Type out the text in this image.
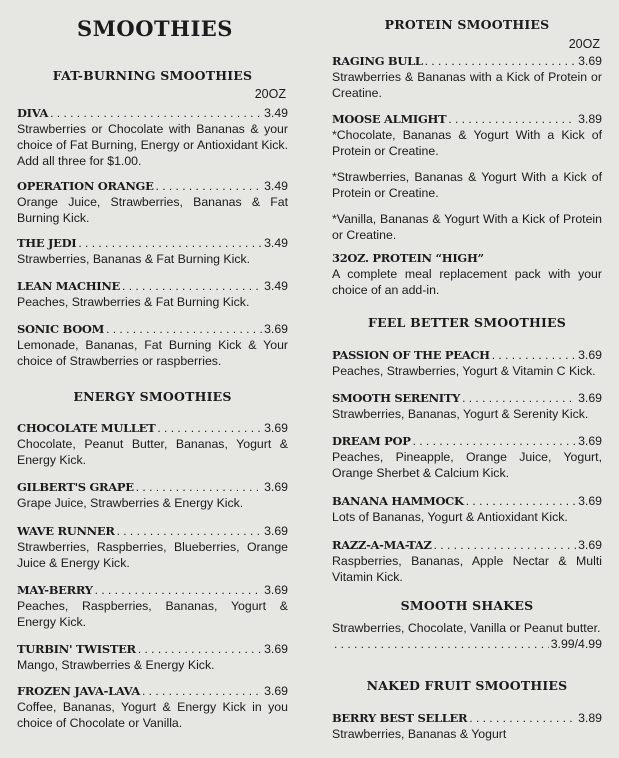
SMOOTHIES
FAT-BURNING SMOOTHIES
20OZ
DIVA . . .	3.49

Strawberries or Chocolate with Bananas & your choice of Fat Burning, Energy or Antioxidant Kick. Add all three for $1.00.

OPERATION ORANGE . . .	3.49

Orange Juice, Strawberries, Bananas & Fat Burning Kick.

THE JEDI . . .	3.49

Strawberries, Bananas & Fat Burning Kick.

LEAN MACHINE . . .	3.49

Peaches, Strawberries & Fat Burning Kick.

SONIC BOOM . . .	3.69

Lemonade, Bananas, Fat Burning Kick & Your choice of Strawberries or raspberries.

ENERGY SMOOTHIES
CHOCOLATE MULLET . . .	3.69

Chocolate, Peanut Butter, Bananas, Yogurt & Energy Kick.

GILBERT'S GRAPE . . .	3.69

Grape Juice, Strawberries & Energy Kick.

WAVE RUNNER . . .	3.69

Strawberries, Raspberries, Blueberries, Orange Juice & Energy Kick.

MAY-BERRY . . .	3.69

Peaches, Raspberries, Bananas, Yogurt & Energy Kick.

TURBIN' TWISTER . . .	3.69

Mango, Strawberries & Energy Kick.

FROZEN JAVA-LAVA . . .	3.69

Coffee, Bananas, Yogurt & Energy Kick in you choice of Chocolate or Vanilla.

PROTEIN SMOOTHIES
20OZ
RAGING BULL . . .	3.69

Strawberries & Bananas with a Kick of Protein or Creatine.

MOOSE ALMIGHT . . .	3.89

*Chocolate, Bananas & Yogurt With a Kick of Protein or Creatine.

*Strawberries, Bananas & Yogurt With a Kick of Protein or Creatine.

*Vanilla, Bananas & Yogurt With a Kick of Protein or Creatine.

32OZ. PROTEIN “HIGH”

A complete meal replacement pack with your choice of an add-in.

FEEL BETTER SMOOTHIES
PASSION OF THE PEACH . . .	3.69

Peaches, Strawberries, Yogurt & Vitamin C Kick.

SMOOTH SERENITY . . .	3.69

Strawberries, Bananas, Yogurt & Serenity Kick.

DREAM POP . . .	3.69

Peaches, Pineapple, Orange Juice, Yogurt, Orange Sherbet & Calcium Kick.

BANANA HAMMOCK . . .	3.69

Lots of Bananas, Yogurt & Antioxidant Kick.

RAZZ-A-MA-TAZ . . .	3.69

Raspberries, Bananas, Apple Nectar & Multi Vitamin Kick.

SMOOTH SHAKES

Strawberries, Chocolate, Vanilla or Peanut butter.

. . .
3.99/4.99
NAKED FRUIT SMOOTHIES
BERRY BEST SELLER . . .	3.89

Strawberries, Bananas & Yogurt
